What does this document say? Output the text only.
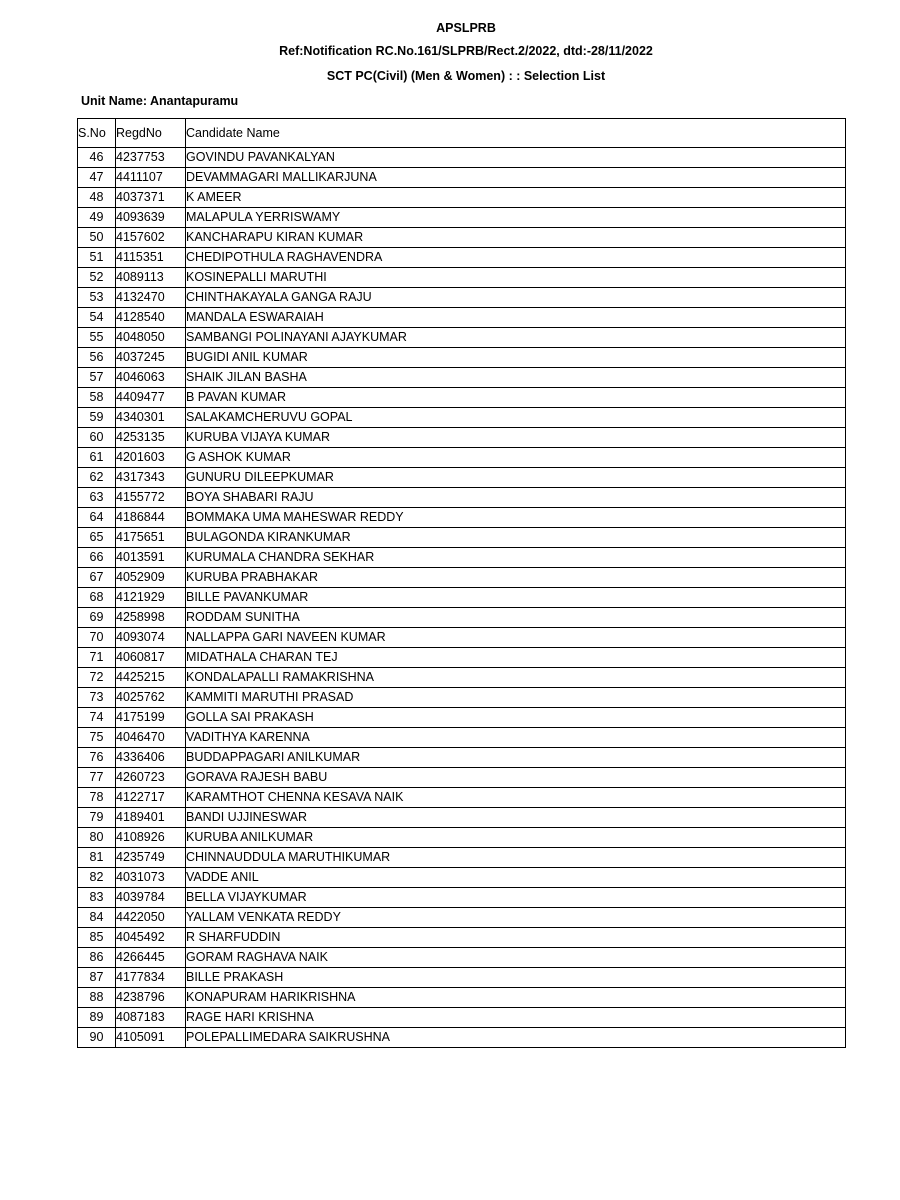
APSLPRB
Ref:Notification RC.No.161/SLPRB/Rect.2/2022, dtd:-28/11/2022
SCT PC(Civil) (Men & Women) : : Selection List
Unit Name: Anantapuramu
S.No	RegdNo	Candidate Name
46	4237753	GOVINDU PAVANKALYAN
47	4411107	DEVAMMAGARI MALLIKARJUNA
48	4037371	K AMEER
49	4093639	MALAPULA YERRISWAMY
50	4157602	KANCHARAPU KIRAN KUMAR
51	4115351	CHEDIPOTHULA RAGHAVENDRA
52	4089113	KOSINEPALLI MARUTHI
53	4132470	CHINTHAKAYALA GANGA RAJU
54	4128540	MANDALA ESWARAIAH
55	4048050	SAMBANGI POLINAYANI AJAYKUMAR
56	4037245	BUGIDI ANIL KUMAR
57	4046063	SHAIK JILAN BASHA
58	4409477	B PAVAN KUMAR
59	4340301	SALAKAMCHERUVU GOPAL
60	4253135	KURUBA VIJAYA KUMAR
61	4201603	G ASHOK KUMAR
62	4317343	GUNURU DILEEPKUMAR
63	4155772	BOYA SHABARI RAJU
64	4186844	BOMMAKA UMA MAHESWAR REDDY
65	4175651	BULAGONDA KIRANKUMAR
66	4013591	KURUMALA CHANDRA SEKHAR
67	4052909	KURUBA PRABHAKAR
68	4121929	BILLE PAVANKUMAR
69	4258998	RODDAM SUNITHA
70	4093074	NALLAPPA GARI NAVEEN KUMAR
71	4060817	MIDATHALA CHARAN TEJ
72	4425215	KONDALAPALLI RAMAKRISHNA
73	4025762	KAMMITI MARUTHI PRASAD
74	4175199	GOLLA SAI PRAKASH
75	4046470	VADITHYA KARENNA
76	4336406	BUDDAPPAGARI ANILKUMAR
77	4260723	GORAVA RAJESH BABU
78	4122717	KARAMTHOT CHENNA KESAVA NAIK
79	4189401	BANDI UJJINESWAR
80	4108926	KURUBA ANILKUMAR
81	4235749	CHINNAUDDULA MARUTHIKUMAR
82	4031073	VADDE ANIL
83	4039784	BELLA VIJAYKUMAR
84	4422050	YALLAM VENKATA REDDY
85	4045492	R SHARFUDDIN
86	4266445	GORAM RAGHAVA NAIK
87	4177834	BILLE PRAKASH
88	4238796	KONAPURAM HARIKRISHNA
89	4087183	RAGE HARI KRISHNA
90	4105091	POLEPALLIMEDARA SAIKRUSHNA
